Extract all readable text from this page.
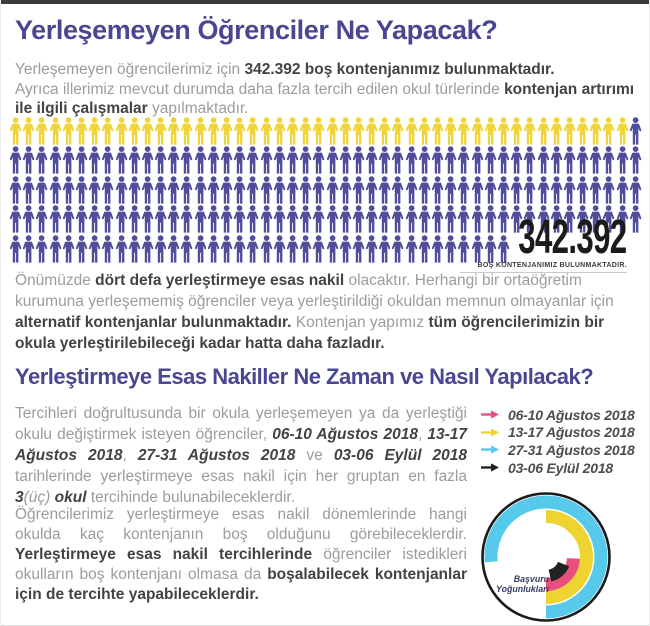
Yerleşemeyen Öğrenciler Ne Yapacak?
Yerleşemeyen öğrencilerimiz için 342.392 boş kontenjanımız bulunmaktadır.
Ayrıca illerimiz mevcut durumda daha fazla tercih edilen okul türlerinde kontenjan artırımı ile ilgili çalışmalar yapılmaktadır.
342.392
BOŞ KONTENJANIMIZ BULUNMAKTADIR.
Önümüzde dört defa yerleştirmeye esas nakil olacaktır. Herhangi bir ortaöğretim kurumuna yerleşememiş öğrenciler veya yerleştirildiği okuldan memnun olmayanlar için alternatif kontenjanlar bulunmaktadır. Kontenjan yapımız tüm öğrencilerimizin bir okula yerleştirilebileceği kadar hatta daha fazladır.
Yerleştirmeye Esas Nakiller Ne Zaman ve Nasıl Yapılacak?
Tercihleri doğrultusunda bir okula yerleşemeyen ya da yerleştiği okulu değiştirmek isteyen öğrenciler, 06-10 Ağustos 2018, 13-17 Ağustos 2018, 27-31 Ağustos 2018 ve 03-06 Eylül 2018 tarihlerinde yerleştirmeye esas nakil için her gruptan en fazla 3(üç) okul tercihinde bulunabileceklerdir.
Öğrencilerimiz yerleştirmeye esas nakil dönemlerinde hangi okulda kaç kontenjanın boş olduğunu görebileceklerdir. Yerleştirmeye esas nakil tercihlerinde öğrenciler istedikleri okulların boş kontenjanı olmasa da boşalabilecek kontenjanlar için de tercihte yapabileceklerdir.
06-10 Ağustos 2018
13-17 Ağustos 2018
27-31 Ağustos 2018
03-06 Eylül 2018
Başvuru
Yoğunlukları
